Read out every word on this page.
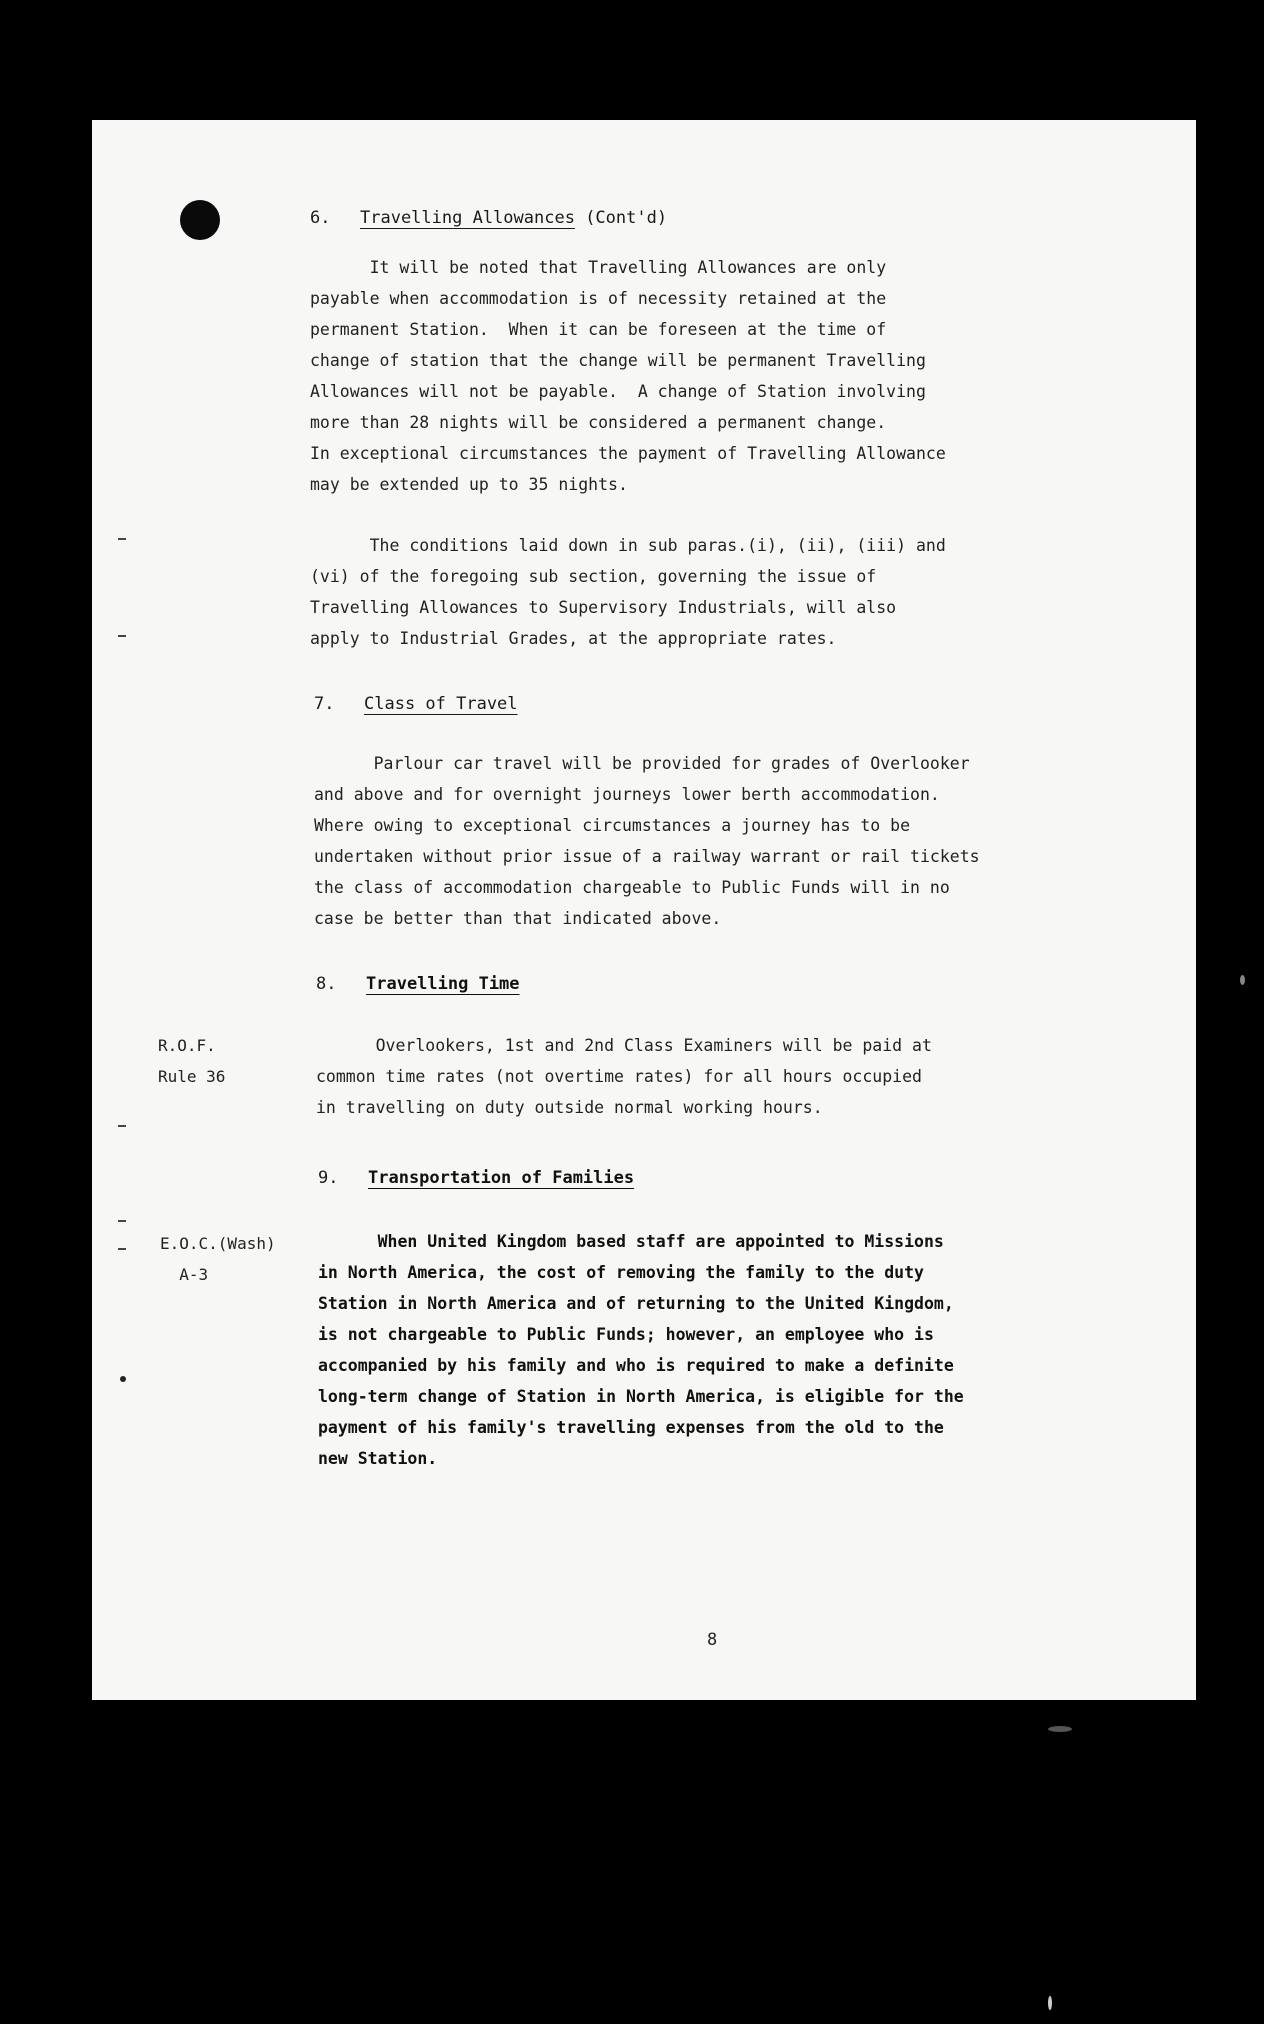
6. Travelling Allowances (Cont'd)
It will be noted that Travelling Allowances are only
payable when accommodation is of necessity retained at the
permanent Station.  When it can be foreseen at the time of
change of station that the change will be permanent Travelling
Allowances will not be payable.  A change of Station involving
more than 28 nights will be considered a permanent change.
In exceptional circumstances the payment of Travelling Allowance
may be extended up to 35 nights.
The conditions laid down in sub paras.(i), (ii), (iii) and
(vi) of the foregoing sub section, governing the issue of
Travelling Allowances to Supervisory Industrials, will also
apply to Industrial Grades, at the appropriate rates.
7. Class of Travel
Parlour car travel will be provided for grades of Overlooker
and above and for overnight journeys lower berth accommodation.
Where owing to exceptional circumstances a journey has to be
undertaken without prior issue of a railway warrant or rail tickets
the class of accommodation chargeable to Public Funds will in no
case be better than that indicated above.
8. Travelling Time
R.O.F.
Rule 36
Overlookers, 1st and 2nd Class Examiners will be paid at
common time rates (not overtime rates) for all hours occupied
in travelling on duty outside normal working hours.
9. Transportation of Families
E.O.C.(Wash)
A-3
When United Kingdom based staff are appointed to Missions
in North America, the cost of removing the family to the duty
Station in North America and of returning to the United Kingdom,
is not chargeable to Public Funds; however, an employee who is
accompanied by his family and who is required to make a definite
long-term change of Station in North America, is eligible for the
payment of his family's travelling expenses from the old to the
new Station.
8
